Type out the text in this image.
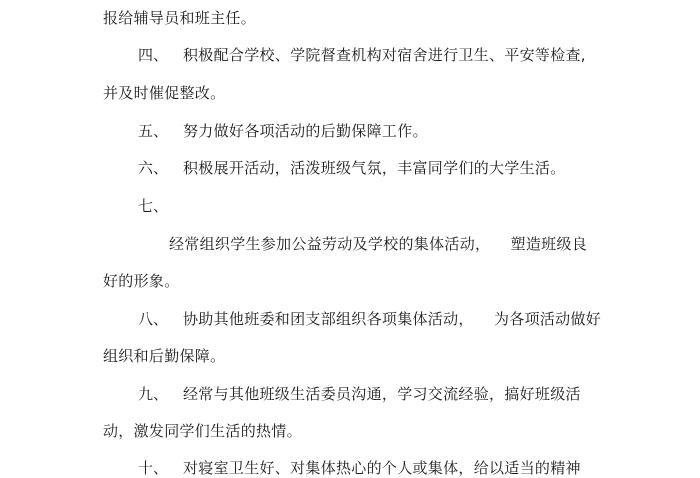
报给辅导员和班主任。
四、 积极配合学校、学院督查机构对宿舍进行卫生、平安等检查,
并及时催促整改。
五、 努力做好各项活动的后勤保障工作。
六、 积极展开活动，活泼班级气氛，丰富同学们的大学生活。
七、
经常组织学生参加公益劳动及学校的集体活动，    塑造班级良
好的形象。
八、 协助其他班委和团支部组织各项集体活动，    为各项活动做好
组织和后勤保障。
九、 经常与其他班级生活委员沟通，学习交流经验，搞好班级活
动，激发同学们生活的热情。
十、 对寝室卫生好、对集体热心的个人或集体，给以适当的精神
